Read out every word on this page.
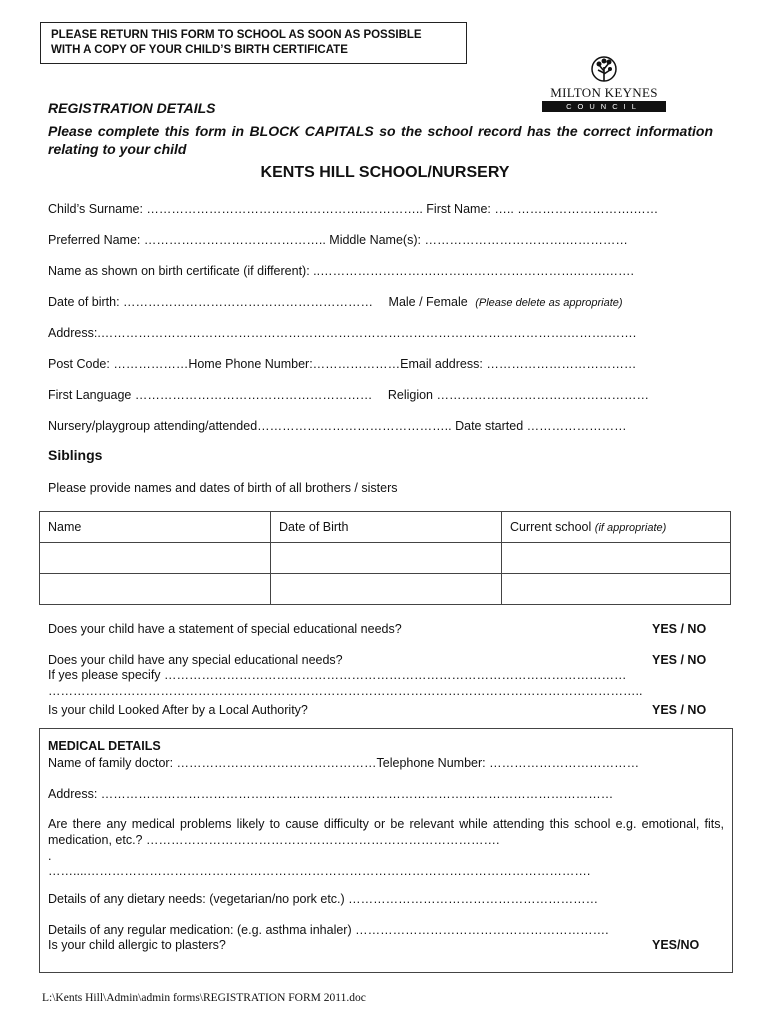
PLEASE RETURN THIS FORM TO SCHOOL AS SOON AS POSSIBLE
WITH A COPY OF YOUR CHILD’S BIRTH CERTIFICATE
MILTON KEYNES
COUNCIL
REGISTRATION DETAILS
Please complete this form in BLOCK CAPITALS so the school record has the correct information relating to your child
KENTS HILL SCHOOL/NURSERY
Child’s Surname: ……………………………………………..………….. First Name: ….. ……………………….……
Preferred Name: …………………………………….. Middle Name(s): …………………………….……………
Name as shown on birth certificate (if different): ..……………………….…………………………….…….…….
Date of birth: …………………………………………………… Male / Female (Please delete as appropriate)
Address:.………………………………………………………………………………………………….……….…….
Post Code: ………………Home Phone Number:…………………Email address: ………………………………
First Language ………………………………………………… Religion ……………………………………………
Nursery/playgroup attending/attended……………………………………….. Date started ……………………
Siblings
Please provide names and dates of birth of all brothers / sisters
Name	Date of Birth	Current school (if appropriate)

Does your child have a statement of special educational needs?	YES / NO
Does your child have any special educational needs?	YES / NO
If yes please specify …………………………………………………………………………………………………
……………………………………………………………………………………………………………………………..
Is your child Looked After by a Local Authority?	YES / NO
MEDICAL DETAILS
Name of family doctor: …………………………………………Telephone Number: ………………………………
Address: ……………………………………………………………………………………………………………
Are there any medical problems likely to cause difficulty or be relevant while attending this school e.g. emotional, fits, medication, etc.? ………………………………………………………………………….
.
……....………………………………………………………………………………………………………….
Details of any dietary needs: (vegetarian/no pork etc.) ……………………………………………………
Details of any regular medication: (e.g. asthma inhaler) …………………………………………………….
Is your child allergic to plasters?	YES/NO
L:\Kents Hill\Admin\admin forms\REGISTRATION FORM 2011.doc
